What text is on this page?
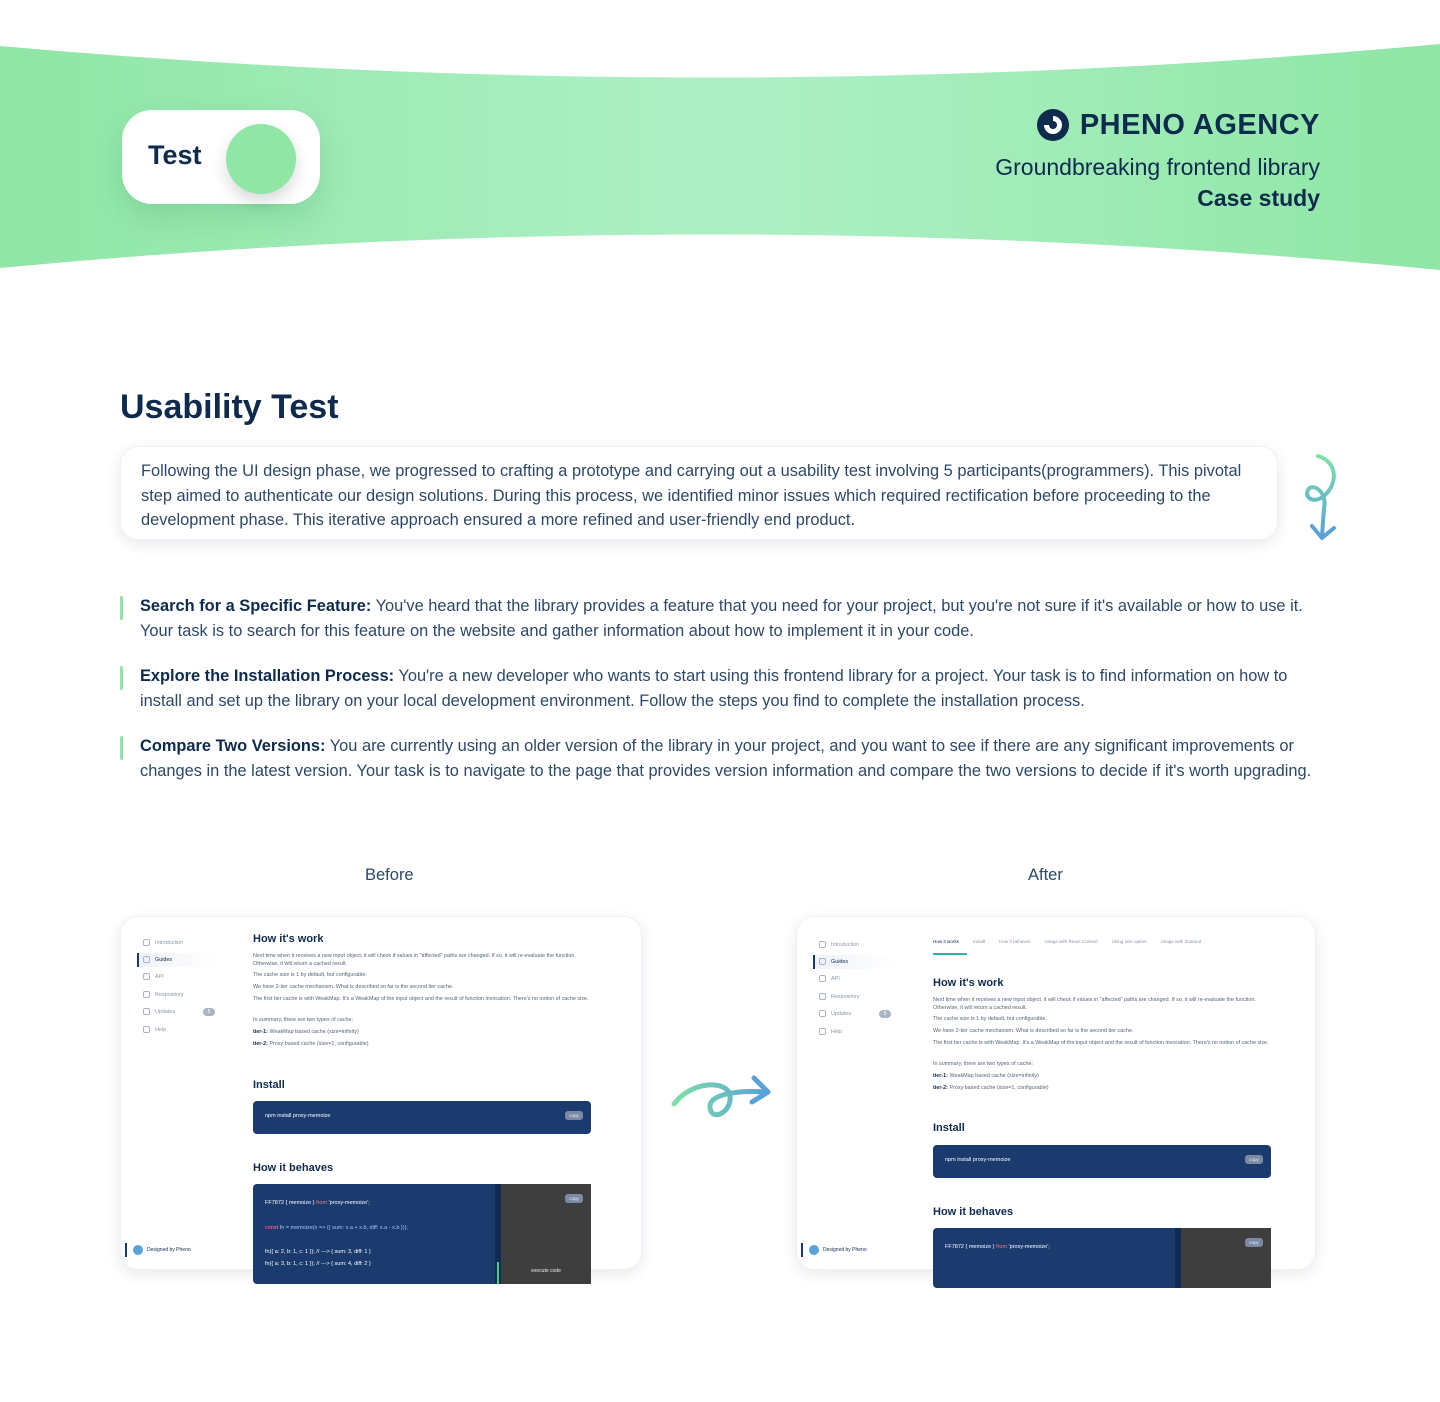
Test
PHENO AGENCY
Groundbreaking frontend library
Case study
Usability Test

Following the UI design phase, we progressed to crafting a prototype and carrying out a usability test involving 5 participants(programmers). This pivotal step aimed to authenticate our design solutions. During this process, we identified minor issues which required rectification before proceeding to the development phase. This iterative approach ensured a more refined and user-friendly end product.

Search for a Specific Feature: You've heard that the library provides a feature that you need for your project, but you're not sure if it's available or how to use it. Your task is to search for this feature on the website and gather information about how to implement it in your code.

Explore the Installation Process: You're a new developer who wants to start using this frontend library for a project. Your task is to find information on how to install and set up the library on your local development environment. Follow the steps you find to complete the installation process.

Compare Two Versions: You are currently using an older version of the library in your project, and you want to see if there are any significant improvements or changes in the latest version. Your task is to navigate to the page that provides version information and compare the two versions to decide if it's worth upgrading.

Before	After
Introduction
Guides
API
Respository
Updates	5
Help
Designed by Pheno
How it's work
Next time when it receives a new input object, it will check if values in "affected" paths are changed. If so, it will re-evaluate the function. Otherwise, it will return a cached result.
The cache size is 1 by default, but configurable.
We have 2-tier cache mechanism. What is described so far is the second tier cache.
The first tier cache is with WeakMap. It's a WeakMap of the input object and the result of function invocation. There's no notion of cache size.
In summary, there are two types of cache:
tier-1: WeakMap based cache (size=infinity)
tier-2: Proxy based cache (size=1, configurable)
Install
npm install proxy-memoize	copy
How it behaves
FF7872 { memoize } from 'proxy-memoize';
const fn = memoize(x => ({ sum: x.a + x.b, diff: x.a - x.b }));
fn({ a: 2, b: 1, c: 1 }); // ---> { sum: 3, diff: 1 }
fn({ a: 3, b: 1, c: 1 }); // ---> { sum: 4, diff: 2 }
copy
execute code
Introduction
Guides
API
Respository
Updates	5
Help
Designed by Pheno
How it works	Install	How it behaves	Usage with React Context	Using size option	Usage with Zustand
How it's work
Next time when it receives a new input object, it will check if values in "affected" paths are changed. If so, it will re-evaluate the function. Otherwise, it will return a cached result.
The cache size is 1 by default, but configurable.
We have 2-tier cache mechanism. What is described so far is the second tier cache.
The first tier cache is with WeakMap. It's a WeakMap of the input object and the result of function invocation. There's no notion of cache size.
In summary, there are two types of cache:
tier-1: WeakMap based cache (size=infinity)
tier-2: Proxy based cache (size=1, configurable)
Install
npm install proxy-memoize	copy
How it behaves
FF7872 { memoize } from 'proxy-memoize';
copy
